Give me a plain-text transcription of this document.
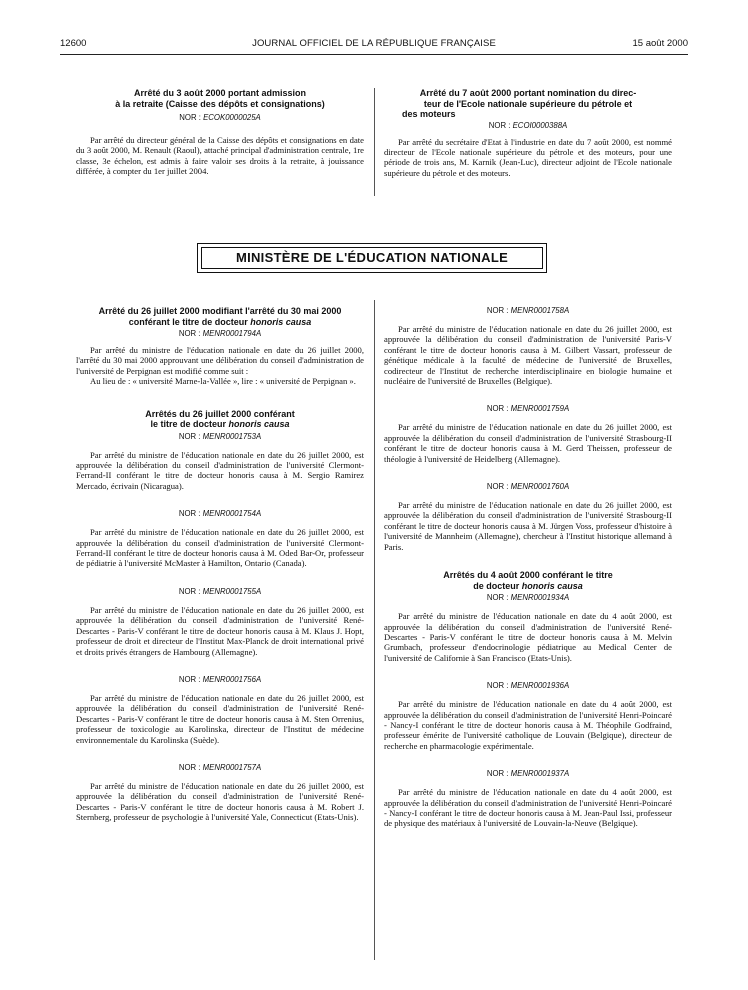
JOURNAL OFFICIEL DE LA RÉPUBLIQUE FRANÇAISE
12600	15 août 2000
Arrêté du 3 août 2000 portant admission
à la retraite (Caisse des dépôts et consignations)
NOR : ECOK0000025A

Par arrêté du directeur général de la Caisse des dépôts et consignations en date du 3 août 2000, M. Renault (Raoul), attaché principal d'administration centrale, 1re classe, 3e échelon, est admis à faire valoir ses droits à la retraite, à jouissance différée, à compter du 1er juillet 2004.

Arrêté du 7 août 2000 portant nomination du direc-
teur de l'Ecole nationale supérieure du pétrole et
des moteurs
NOR : ECOI0000388A

Par arrêté du secrétaire d'Etat à l'industrie en date du 7 août 2000, est nommé directeur de l'Ecole nationale supérieure du pétrole et des moteurs, pour une période de trois ans, M. Karnik (Jean-Luc), directeur adjoint de l'Ecole nationale supérieure du pétrole et des moteurs.

MINISTÈRE DE L'ÉDUCATION NATIONALE
Arrêté du 26 juillet 2000 modifiant l'arrêté du 30 mai 2000
conférant le titre de docteur honoris causa
NOR : MENR0001794A

Par arrêté du ministre de l'éducation nationale en date du 26 juillet 2000, l'arrêté du 30 mai 2000 approuvant une délibération du conseil d'administration de l'université de Perpignan est modifié comme suit :

Au lieu de : « université Marne-la-Vallée », lire : « université de Perpignan ».

Arrêtés du 26 juillet 2000 conférant
le titre de docteur honoris causa
NOR : MENR0001753A

Par arrêté du ministre de l'éducation nationale en date du 26 juillet 2000, est approuvée la délibération du conseil d'administration de l'université Clermont-Ferrand-II conférant le titre de docteur honoris causa à M. Sergio Ramirez Mercado, écrivain (Nicaragua).

NOR : MENR0001754A

Par arrêté du ministre de l'éducation nationale en date du 26 juillet 2000, est approuvée la délibération du conseil d'administration de l'université Clermont-Ferrand-II conférant le titre de docteur honoris causa à M. Oded Bar-Or, professeur de pédiatrie à l'université McMaster à Hamilton, Ontario (Canada).

NOR : MENR0001755A

Par arrêté du ministre de l'éducation nationale en date du 26 juillet 2000, est approuvée la délibération du conseil d'administration de l'université René-Descartes - Paris-V conférant le titre de docteur honoris causa à M. Klaus J. Hopt, professeur de droit et directeur de l'Institut Max-Planck de droit international privé et droits privés étrangers de Hambourg (Allemagne).

NOR : MENR0001756A

Par arrêté du ministre de l'éducation nationale en date du 26 juillet 2000, est approuvée la délibération du conseil d'administration de l'université René-Descartes - Paris-V conférant le titre de docteur honoris causa à M. Sten Orrenius, professeur de toxicologie au Karolinska, directeur de l'Institut de médecine environnementale du Karolinska (Suède).

NOR : MENR0001757A

Par arrêté du ministre de l'éducation nationale en date du 26 juillet 2000, est approuvée la délibération du conseil d'administration de l'université René-Descartes - Paris-V conférant le titre de docteur honoris causa à M. Robert J. Sternberg, professeur de psychologie à l'université Yale, Connecticut (Etats-Unis).

NOR : MENR0001758A

Par arrêté du ministre de l'éducation nationale en date du 26 juillet 2000, est approuvée la délibération du conseil d'administration de l'université Paris-V conférant le titre de docteur honoris causa à M. Gilbert Vassart, professeur de génétique médicale à la faculté de médecine de l'université de Bruxelles, codirecteur de l'Institut de recherche interdisciplinaire en biologie humaine et nucléaire de l'université de Bruxelles (Belgique).

NOR : MENR0001759A

Par arrêté du ministre de l'éducation nationale en date du 26 juillet 2000, est approuvée la délibération du conseil d'administration de l'université Strasbourg-II conférant le titre de docteur honoris causa à M. Gerd Theissen, professeur de théologie à l'université de Heidelberg (Allemagne).

NOR : MENR0001760A

Par arrêté du ministre de l'éducation nationale en date du 26 juillet 2000, est approuvée la délibération du conseil d'administration de l'université Strasbourg-II conférant le titre de docteur honoris causa à M. Jürgen Voss, professeur d'histoire à l'université de Mannheim (Allemagne), chercheur à l'Institut historique allemand à Paris.

Arrêtés du 4 août 2000 conférant le titre
de docteur honoris causa
NOR : MENR0001934A

Par arrêté du ministre de l'éducation nationale en date du 4 août 2000, est approuvée la délibération du conseil d'administration de l'université René-Descartes - Paris-V conférant le titre de docteur honoris causa à M. Melvin Grumbach, professeur d'endocrinologie pédiatrique au Medical Center de l'université de Californie à San Francisco (Etats-Unis).

NOR : MENR0001936A

Par arrêté du ministre de l'éducation nationale en date du 4 août 2000, est approuvée la délibération du conseil d'administration de l'université Henri-Poincaré - Nancy-I conférant le titre de docteur honoris causa à M. Théophile Godfraind, professeur émérite de l'université catholique de Louvain (Belgique), directeur de recherche en pharmacologie expérimentale.

NOR : MENR0001937A

Par arrêté du ministre de l'éducation nationale en date du 4 août 2000, est approuvée la délibération du conseil d'administration de l'université Henri-Poincaré - Nancy-I conférant le titre de docteur honoris causa à M. Jean-Paul Issi, professeur de physique des matériaux à l'université de Louvain-la-Neuve (Belgique).
